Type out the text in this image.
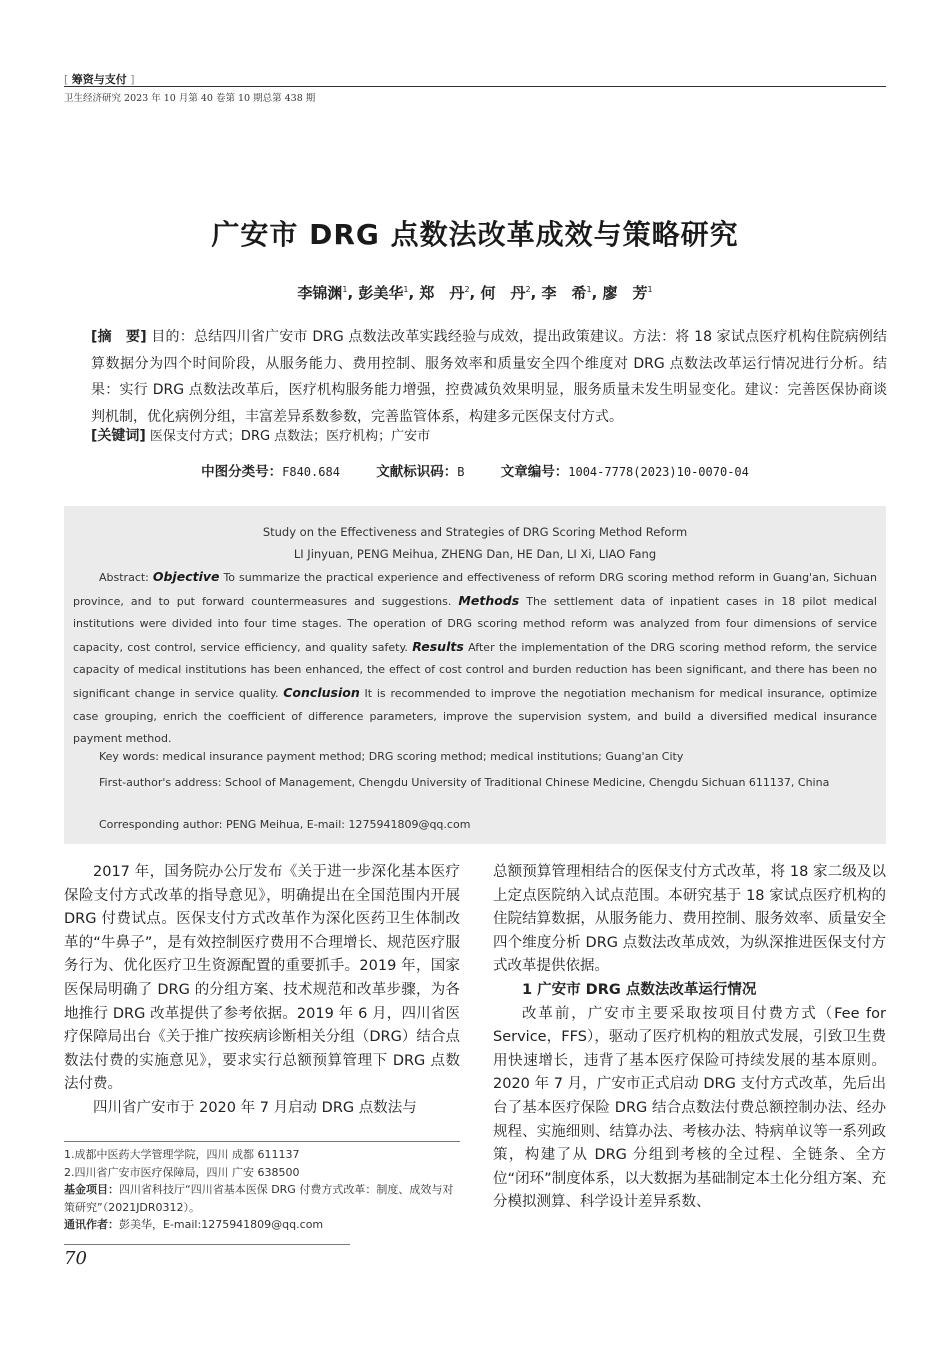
[ 筹资与支付 ]
卫生经济研究 2023 年 10 月第 40 卷第 10 期总第 438 期
广安市 DRG 点数法改革成效与策略研究
李锦渊$^1$, 彭美华$^1$, 郑　丹$^2$, 何　丹$^2$, 李　希$^1$, 廖　芳$^1$
[摘　要] 目的：总结四川省广安市 DRG 点数法改革实践经验与成效，提出政策建议。方法：将 18 家试点医疗机构住院病例结算数据分为四个时间阶段，从服务能力、费用控制、服务效率和质量安全四个维度对 DRG 点数法改革运行情况进行分析。结果：实行 DRG 点数法改革后，医疗机构服务能力增强，控费减负效果明显，服务质量未发生明显变化。建议：完善医保协商谈判机制，优化病例分组，丰富差异系数参数，完善监管体系，构建多元医保支付方式。
[关键词] 医保支付方式；DRG 点数法；医疗机构；广安市
中图分类号：F840.684	文献标识码：B	文章编号：1004-7778(2023)10-0070-04
Study on the Effectiveness and Strategies of DRG Scoring Method Reform
LI Jinyuan, PENG Meihua, ZHENG Dan, HE Dan, LI Xi, LIAO Fang
Abstract: Objective To summarize the practical experience and effectiveness of reform DRG scoring method reform in Guang'an, Sichuan province, and to put forward countermeasures and suggestions. Methods The settlement data of inpatient cases in 18 pilot medical institutions were divided into four time stages. The operation of DRG scoring method reform was analyzed from four dimensions of service capacity, cost control, service efficiency, and quality safety. Results After the implementation of the DRG scoring method reform, the service capacity of medical institutions has been enhanced, the effect of cost control and burden reduction has been significant, and there has been no significant change in service quality. Conclusion It is recommended to improve the negotiation mechanism for medical insurance, optimize case grouping, enrich the coefficient of difference parameters, improve the supervision system, and build a diversified medical insurance payment method.
Key words: medical insurance payment method; DRG scoring method; medical institutions; Guang'an City
First-author's address: School of Management, Chengdu University of Traditional Chinese Medicine, Chengdu Sichuan 611137, China
Corresponding author: PENG Meihua, E-mail: 1275941809@qq.com

2017 年，国务院办公厅发布《关于进一步深化基本医疗保险支付方式改革的指导意见》，明确提出在全国范围内开展 DRG 付费试点。医保支付方式改革作为深化医药卫生体制改革的“牛鼻子”，是有效控制医疗费用不合理增长、规范医疗服务行为、优化医疗卫生资源配置的重要抓手。2019 年，国家医保局明确了 DRG 的分组方案、技术规范和改革步骤，为各地推行 DRG 改革提供了参考依据。2019 年 6 月，四川省医疗保障局出台《关于推广按疾病诊断相关分组（DRG）结合点数法付费的实施意见》，要求实行总额预算管理下 DRG 点数法付费。

四川省广安市于 2020 年 7 月启动 DRG 点数法与

总额预算管理相结合的医保支付方式改革，将 18 家二级及以上定点医院纳入试点范围。本研究基于 18 家试点医疗机构的住院结算数据，从服务能力、费用控制、服务效率、质量安全四个维度分析 DRG 点数法改革成效，为纵深推进医保支付方式改革提供依据。

1 广安市 DRG 点数法改革运行情况

改革前，广安市主要采取按项目付费方式（Fee for Service，FFS），驱动了医疗机构的粗放式发展，引致卫生费用快速增长，违背了基本医疗保险可持续发展的基本原则。2020 年 7 月，广安市正式启动 DRG 支付方式改革，先后出台了基本医疗保险 DRG 结合点数法付费总额控制办法、经办规程、实施细则、结算办法、考核办法、特病单议等一系列政策，构建了从 DRG 分组到考核的全过程、全链条、全方位“闭环”制度体系，以大数据为基础制定本土化分组方案、充分模拟测算、科学设计差异系数、

1.成都中医药大学管理学院，四川 成都 611137
2.四川省广安市医疗保障局，四川 广安 638500
基金项目：四川省科技厅“四川省基本医保 DRG 付费方式改革：制度、成效与对策研究”（2021JDR0312）。
通讯作者：彭美华，E-mail:1275941809@qq.com
70
